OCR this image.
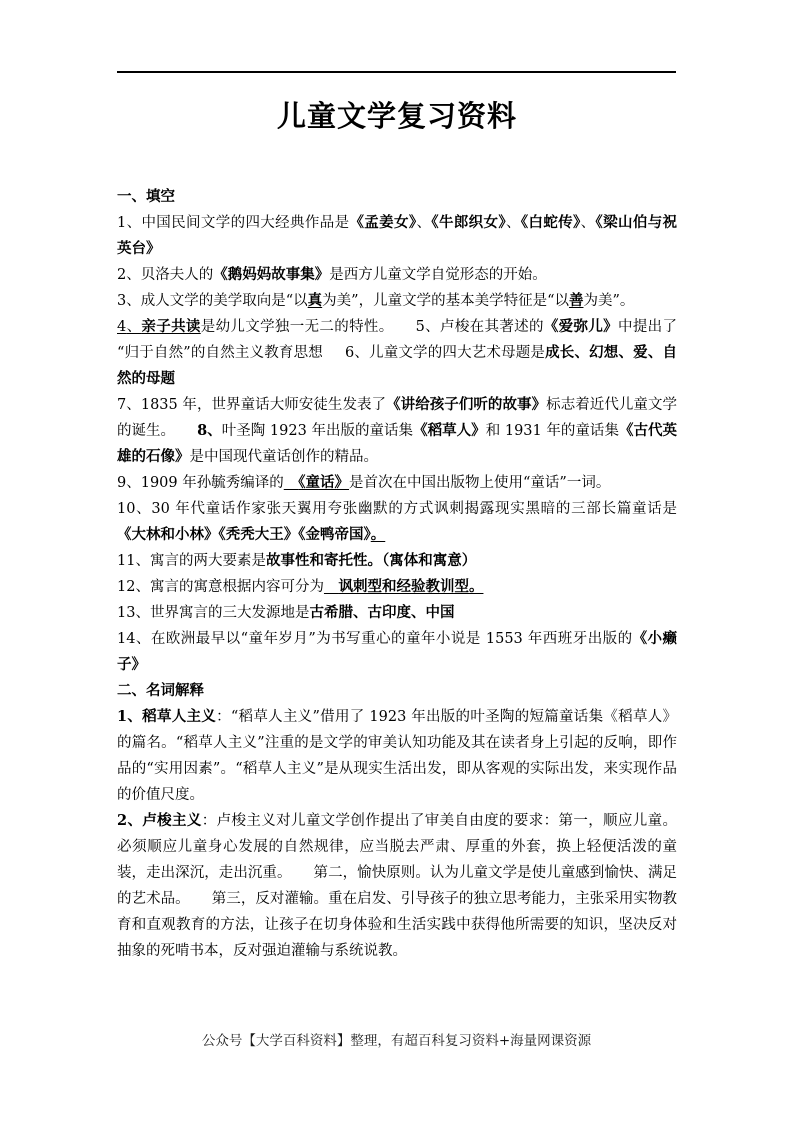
儿童文学复习资料

一、填空

1、中国民间文学的四大经典作品是《孟姜女》、《牛郎织女》、《白蛇传》、《梁山伯与祝英台》

2、贝洛夫人的《鹅妈妈故事集》是西方儿童文学自觉形态的开始。

3、成人文学的美学取向是“以真为美”，儿童文学的基本美学特征是“以善为美”。

4、亲子共读是幼儿文学独一无二的特性。 5、卢梭在其著述的《爱弥儿》中提出了“归于自然”的自然主义教育思想 6、儿童文学的四大艺术母题是成长、幻想、爱、自然的母题

7、1835 年，世界童话大师安徒生发表了《讲给孩子们听的故事》标志着近代儿童文学的诞生。 8、叶圣陶 1923 年出版的童话集《稻草人》和 1931 年的童话集《古代英雄的石像》是中国现代童话创作的精品。

9、1909 年孙毓秀编译的　 《童话》是首次在中国出版物上使用“童话”一词。

10、30 年代童话作家张天翼用夸张幽默的方式讽刺揭露现实黑暗的三部长篇童话是《大林和小林》《秃秃大王》《金鸭帝国》。

11、寓言的两大要素是故事性和寄托性。（寓体和寓意）

12、寓言的寓意根据内容可分为　 讽刺型和经验教训型。

13、世界寓言的三大发源地是古希腊、古印度、中国

14、在欧洲最早以“童年岁月”为书写重心的童年小说是 1553 年西班牙出版的《小癞子》

二、名词解释

1、稻草人主义：“稻草人主义”借用了 1923 年出版的叶圣陶的短篇童话集《稻草人》的篇名。“稻草人主义”注重的是文学的审美认知功能及其在读者身上引起的反响，即作品的“实用因素”。“稻草人主义”是从现实生活出发，即从客观的实际出发，来实现作品的价值尺度。

2、卢梭主义：卢梭主义对儿童文学创作提出了审美自由度的要求：第一，顺应儿童。必须顺应儿童身心发展的自然规律，应当脱去严肃、厚重的外套，换上轻便活泼的童装，走出深沉，走出沉重。 第二，愉快原则。认为儿童文学是使儿童感到愉快、满足的艺术品。 第三，反对灌输。重在启发、引导孩子的独立思考能力，主张采用实物教育和直观教育的方法，让孩子在切身体验和生活实践中获得他所需要的知识，坚决反对抽象的死啃书本，反对强迫灌输与系统说教。

公众号【大学百科资料】整理，有超百科复习资料+海量网课资源
